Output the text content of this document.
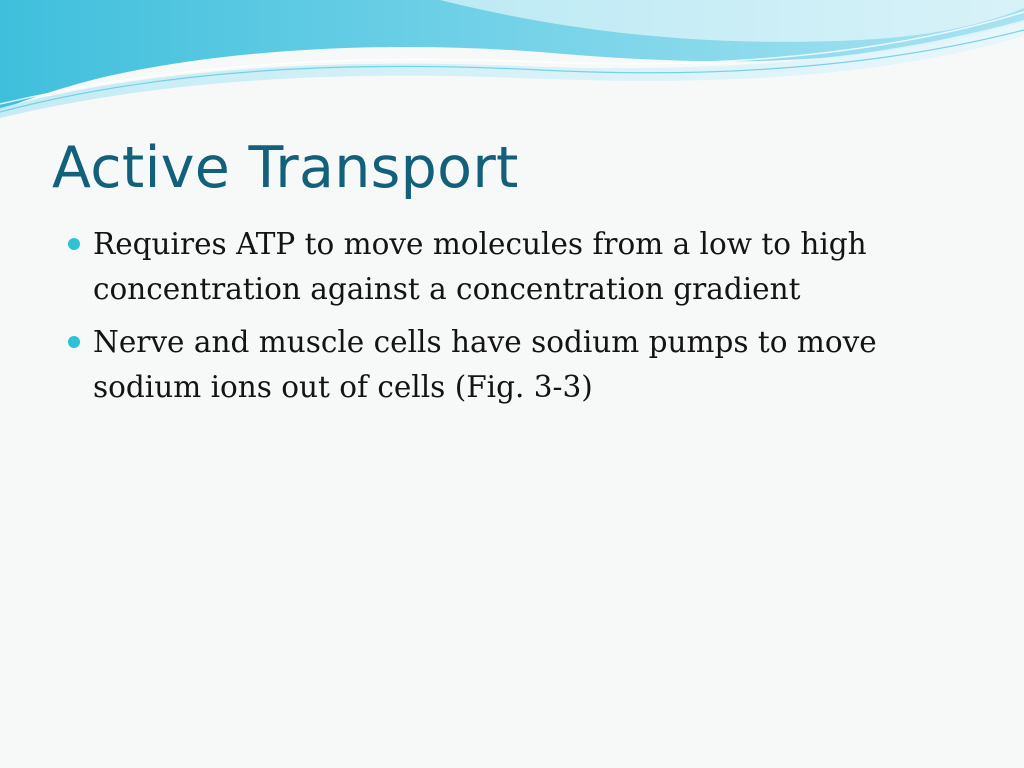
Active Transport
Requires ATP to move molecules from a low to high concentration against a concentration gradient
Nerve and muscle cells have sodium pumps to move sodium ions out of cells (Fig. 3-3)
